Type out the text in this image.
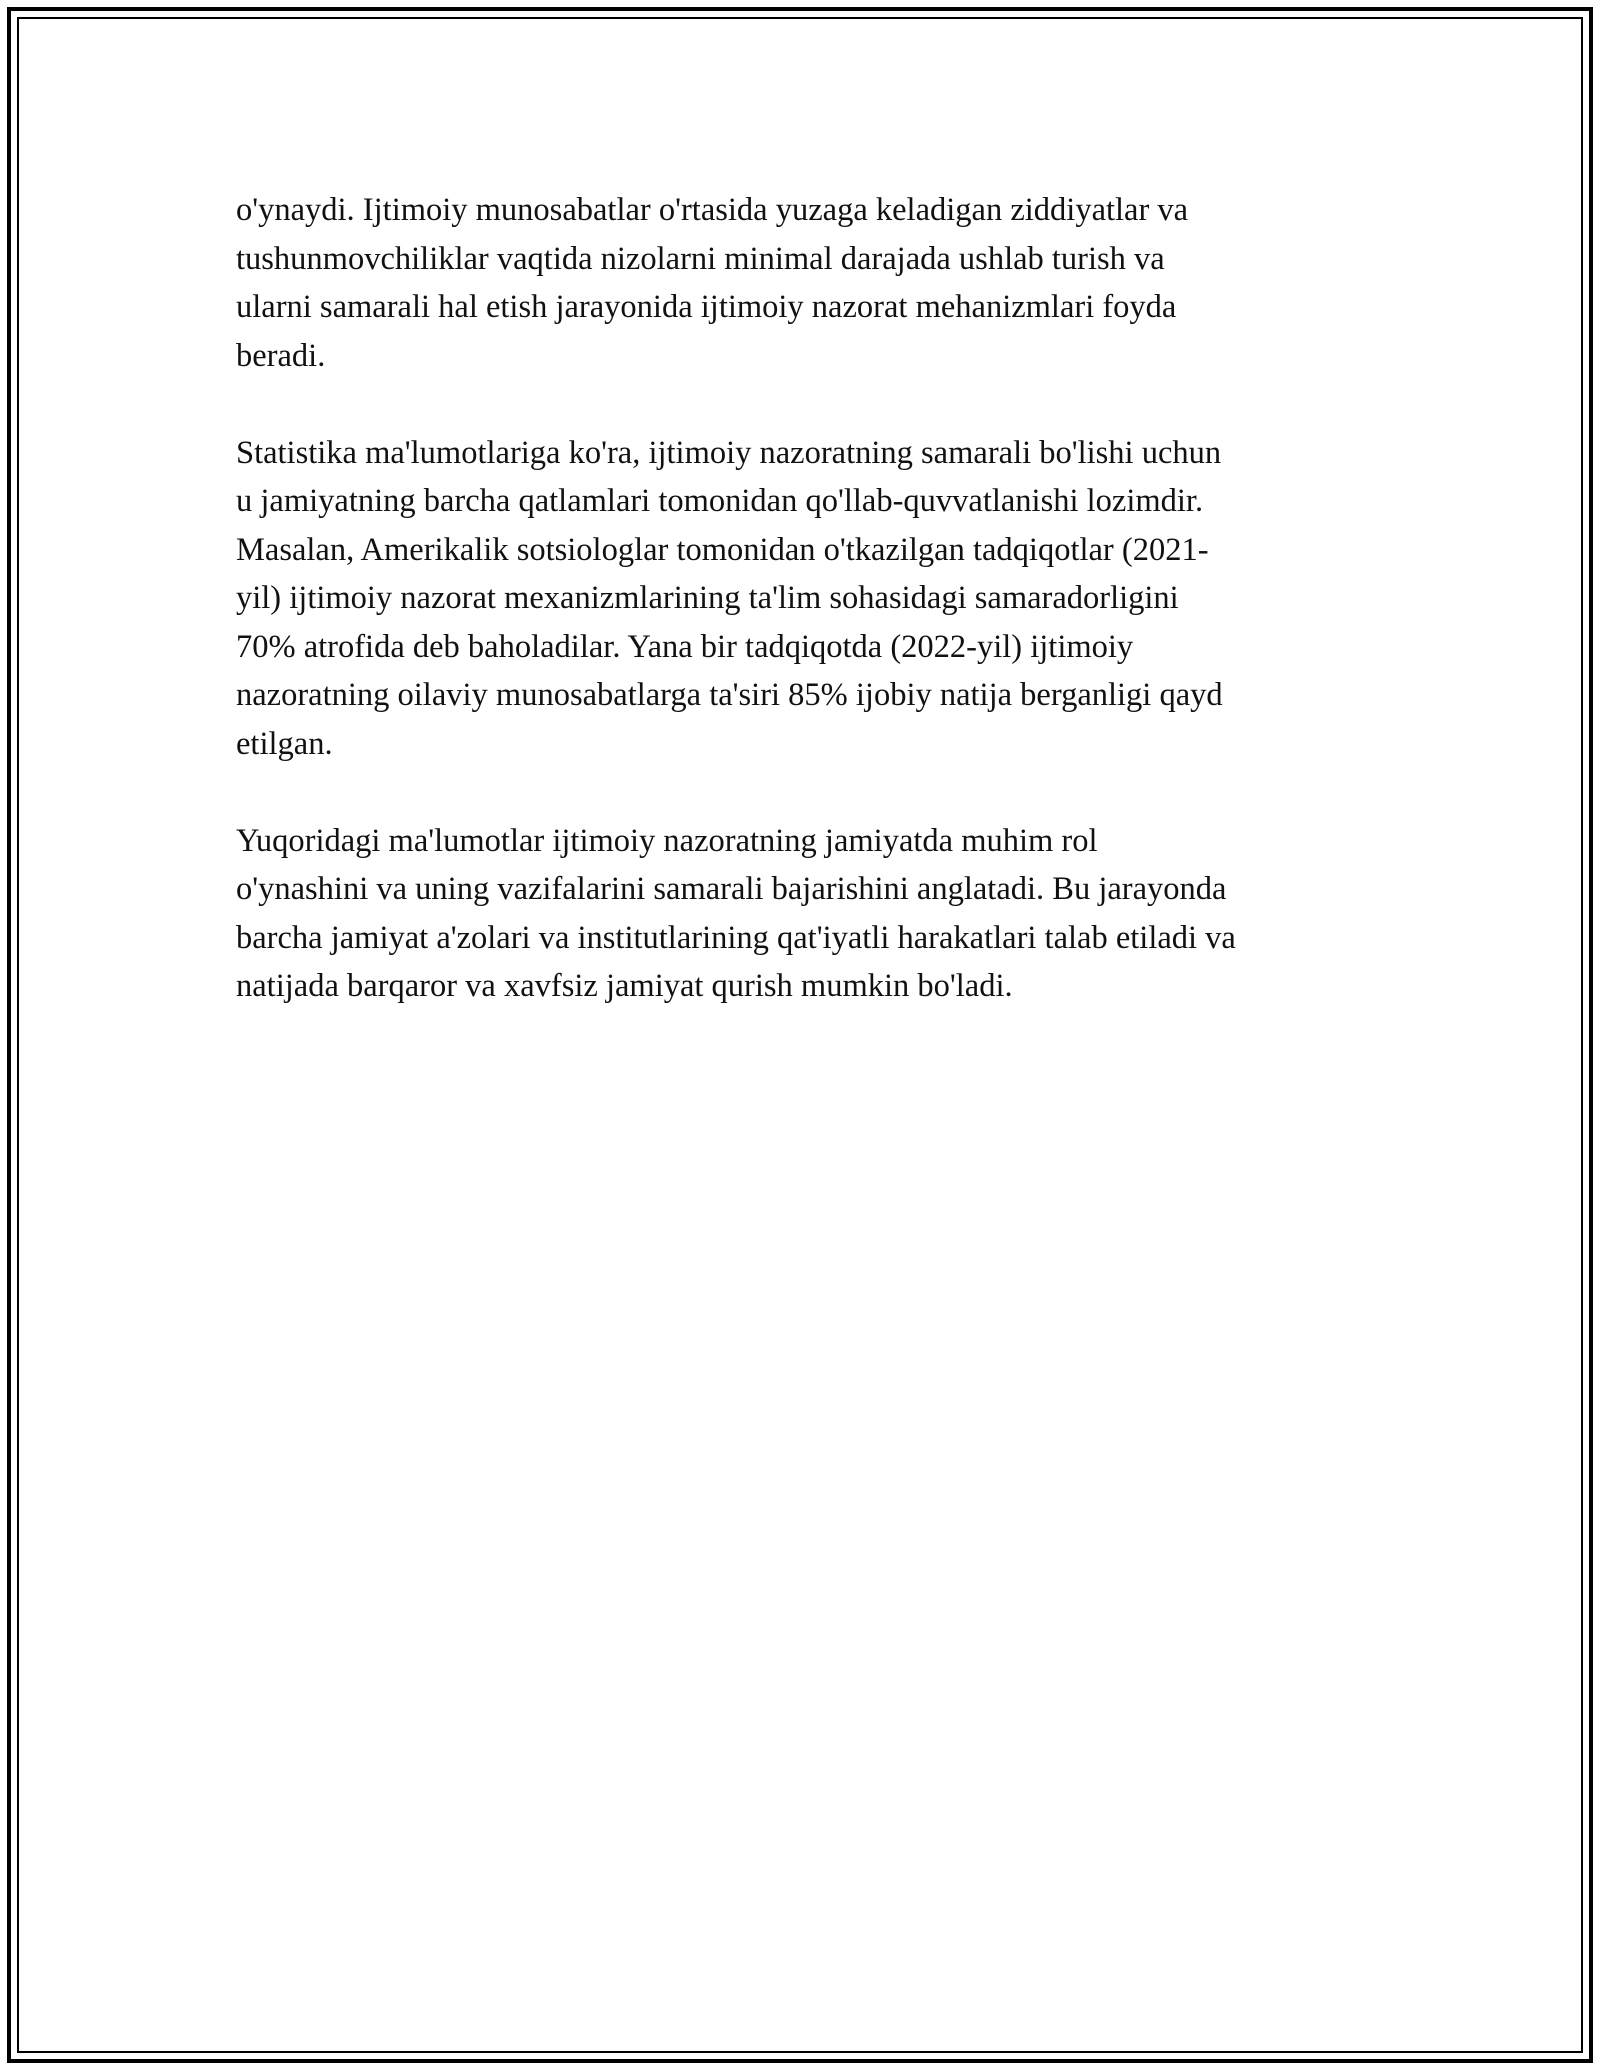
o'ynaydi. Ijtimoiy munosabatlar o'rtasida yuzaga keladigan ziddiyatlar va
tushunmovchiliklar vaqtida nizolarni minimal darajada ushlab turish va
ularni samarali hal etish jarayonida ijtimoiy nazorat mehanizmlari foyda
beradi.

Statistika ma'lumotlariga ko'ra, ijtimoiy nazoratning samarali bo'lishi uchun
u jamiyatning barcha qatlamlari tomonidan qo'llab-quvvatlanishi lozimdir.
Masalan, Amerikalik sotsiologlar tomonidan o'tkazilgan tadqiqotlar (2021-
yil) ijtimoiy nazorat mexanizmlarining ta'lim sohasidagi samaradorligini
70% atrofida deb baholadilar. Yana bir tadqiqotda (2022-yil) ijtimoiy
nazoratning oilaviy munosabatlarga ta'siri 85% ijobiy natija berganligi qayd
etilgan.

Yuqoridagi ma'lumotlar ijtimoiy nazoratning jamiyatda muhim rol
o'ynashini va uning vazifalarini samarali bajarishini anglatadi. Bu jarayonda
barcha jamiyat a'zolari va institutlarining qat'iyatli harakatlari talab etiladi va
natijada barqaror va xavfsiz jamiyat qurish mumkin bo'ladi.
